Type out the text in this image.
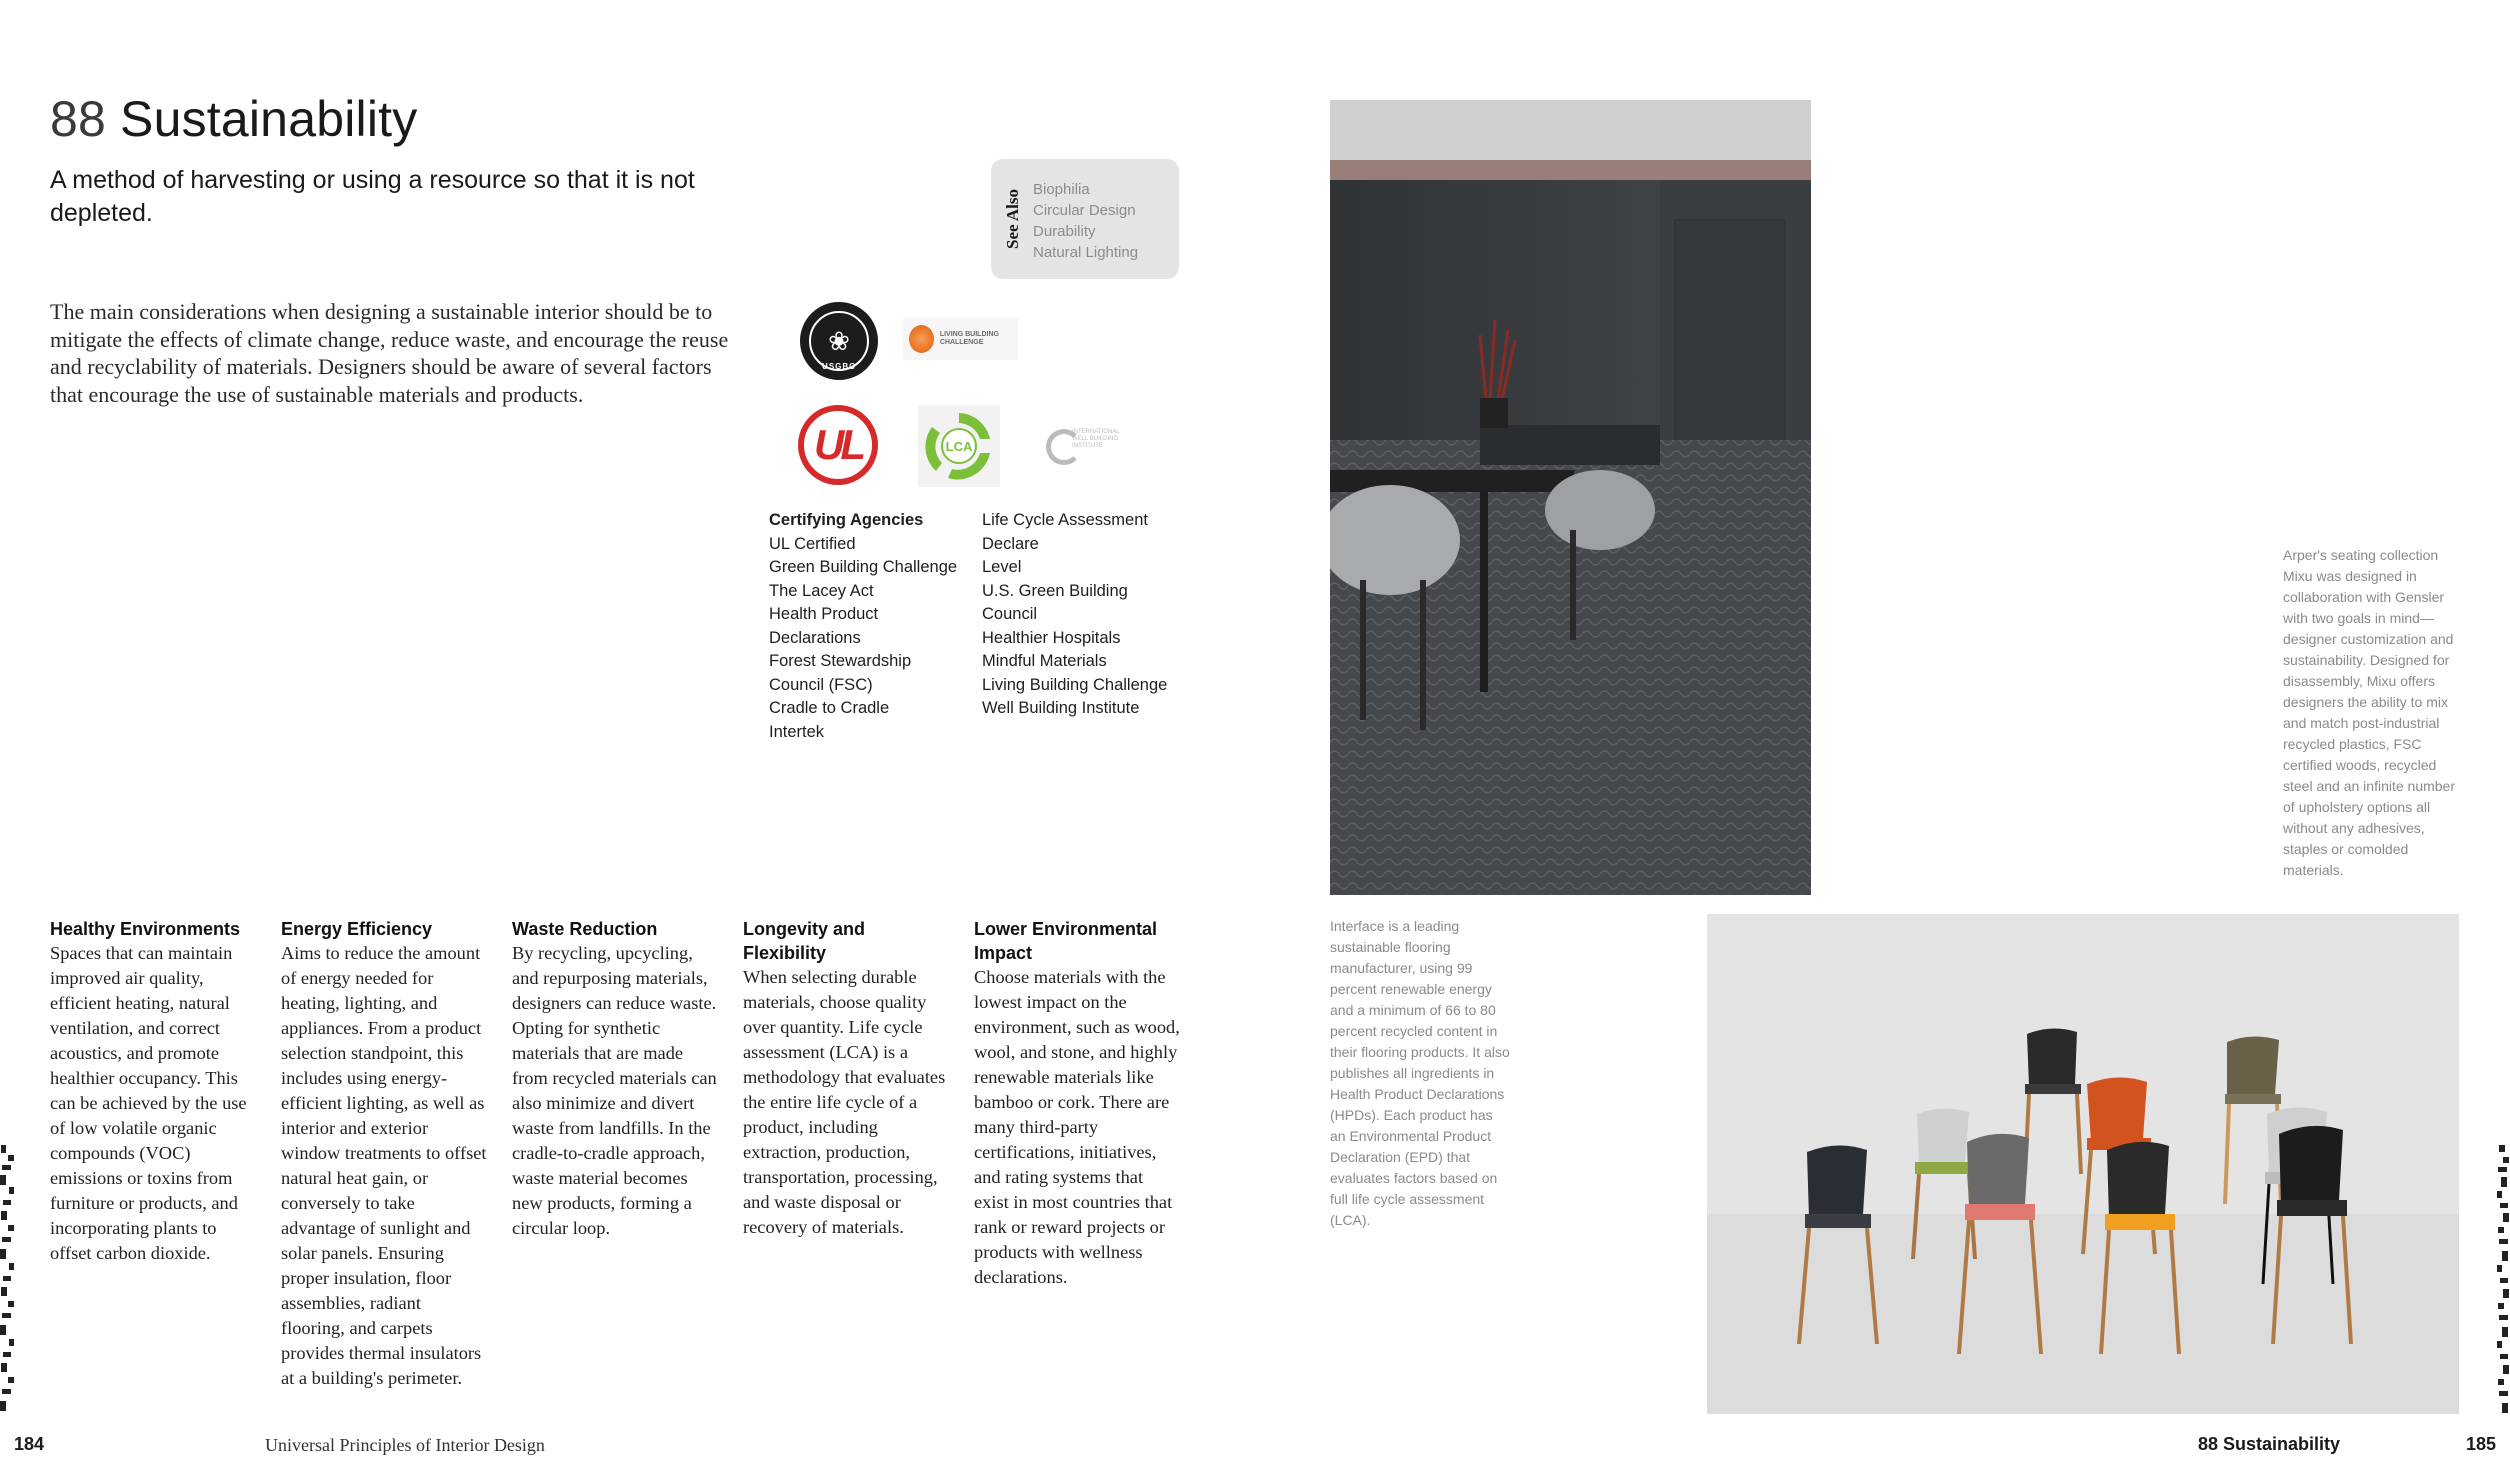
88 Sustainability
A method of harvesting or using a resource so that it is not depleted.	See Also Biophilia
Circular Design
Durability
Natural Lighting
The main considerations when designing a sustainable interior should be to mitigate the effects of climate change, reduce waste, and encourage the reuse and recyclability of materials. Designers should be aware of several factors that encourage the use of sustainable materials and products.
❀
USGBC
LIVING BUILDING CHALLENGE
UL	LCA
INTERNATIONAL WELL BUILDING INSTITUTE
Certifying Agencies
UL Certified
Green Building Challenge
The Lacey Act
Health Product
Declarations
Forest Stewardship
Council (FSC)
Cradle to Cradle
Intertek
Life Cycle Assessment
Declare
Level
U.S. Green Building
Council
Healthier Hospitals
Mindful Materials
Living Building Challenge
Well Building Institute
Healthy Environments

Spaces that can maintain improved air quality, efficient heating, natural ventilation, and correct acoustics, and promote healthier occupancy. This can be achieved by the use of low volatile organic compounds (VOC) emissions or toxins from furniture or products, and incorporating plants to offset carbon dioxide.

Energy Efficiency

Aims to reduce the amount of energy needed for heating, lighting, and appliances. From a product selection standpoint, this includes using energy-efficient lighting, as well as interior and exterior window treatments to offset natural heat gain, or conversely to take advantage of sunlight and solar panels. Ensuring proper insulation, floor assemblies, radiant flooring, and carpets provides thermal insulators at a building's perimeter.

Waste Reduction

By recycling, upcycling, and repurposing materials, designers can reduce waste. Opting for synthetic materials that are made from recycled materials can also minimize and divert waste from landfills. In the cradle-to-cradle approach, waste material becomes new products, forming a circular loop.

Longevity and Flexibility

When selecting durable materials, choose quality over quantity. Life cycle assessment (LCA) is a methodology that evaluates the entire life cycle of a product, including extraction, production, transportation, processing, and waste disposal or recovery of materials.

Lower Environmental Impact

Choose materials with the lowest impact on the environment, such as wood, wool, and stone, and highly renewable materials like bamboo or cork. There are many third-party certifications, initiatives, and rating systems that exist in most countries that rank or reward projects or products with wellness declarations.

Interface is a leading sustainable flooring manufacturer, using 99 percent renewable energy and a minimum of 66 to 80 percent recycled content in their flooring products. It also publishes all ingredients in Health Product Declarations (HPDs). Each product has an Environmental Product Declaration (EPD) that evaluates factors based on full life cycle assessment (LCA).
Arper's seating collection Mixu was designed in collaboration with Gensler with two goals in mind—designer customization and sustainability. Designed for disassembly, Mixu offers designers the ability to mix and match post-industrial recycled plastics, FSC certified woods, recycled steel and an infinite number of upholstery options all without any adhesives, staples or comolded materials.
184	Universal Principles of Interior Design	88 Sustainability	185
